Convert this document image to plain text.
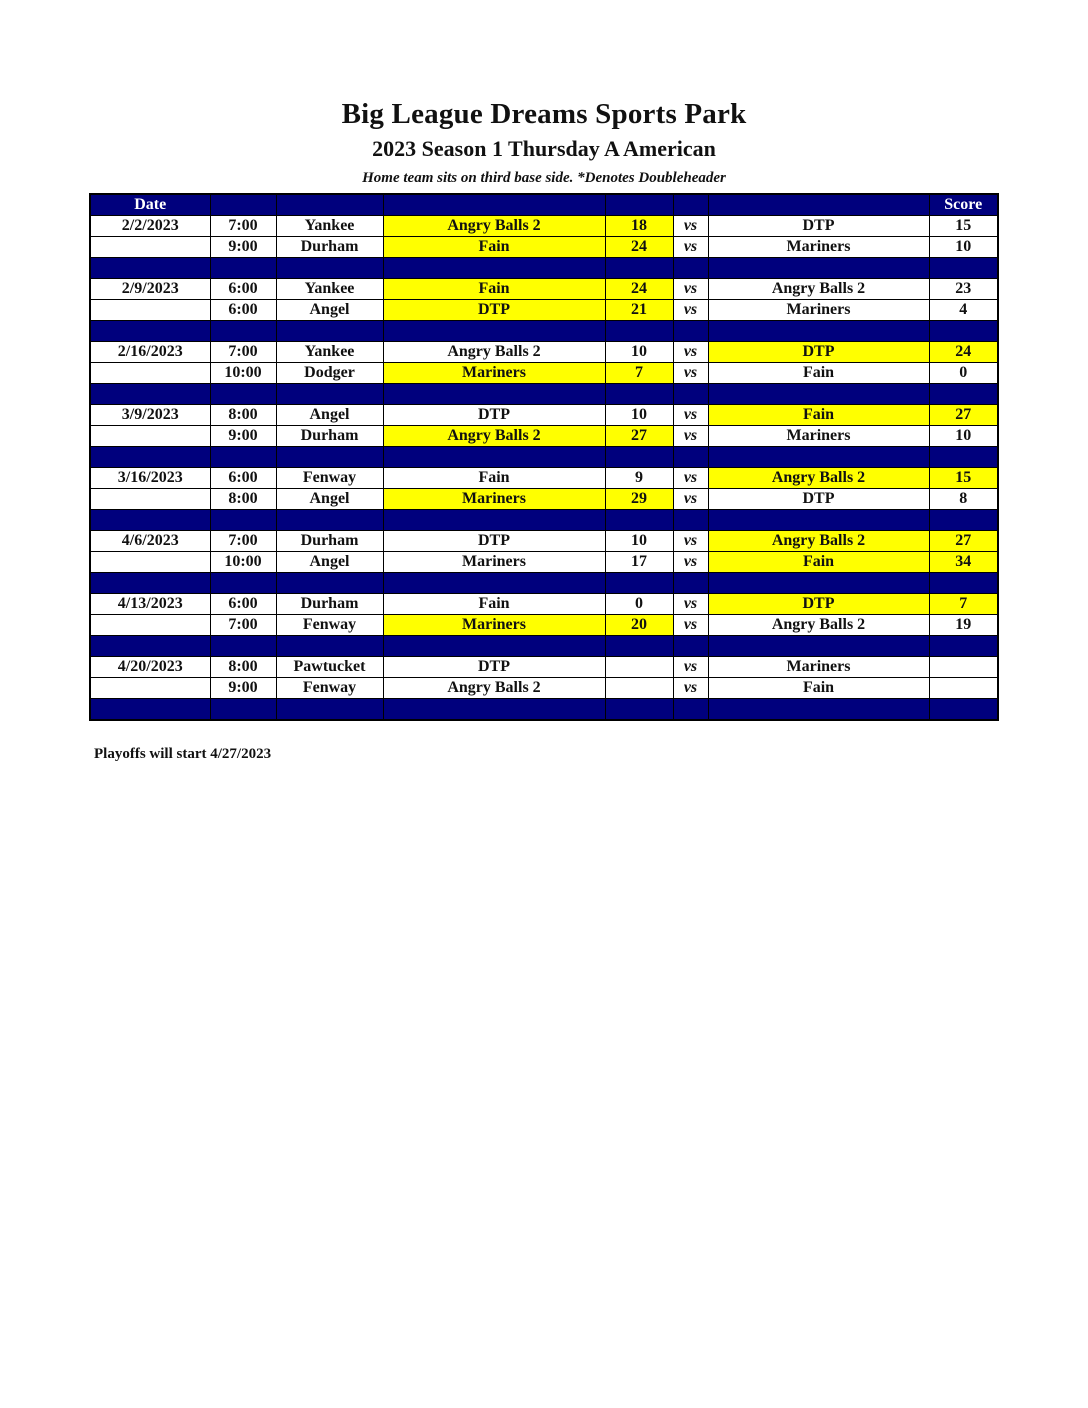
Big League Dreams Sports Park
2023 Season 1 Thursday A American
Home team sits on third base side. *Denotes Doubleheader
Date							Score
2/2/2023	7:00	Yankee	Angry Balls 2	18	vs	DTP	15
	9:00	Durham	Fain	24	vs	Mariners	10

2/9/2023	6:00	Yankee	Fain	24	vs	Angry Balls 2	23
	6:00	Angel	DTP	21	vs	Mariners	4

2/16/2023	7:00	Yankee	Angry Balls 2	10	vs	DTP	24
	10:00	Dodger	Mariners	7	vs	Fain	0

3/9/2023	8:00	Angel	DTP	10	vs	Fain	27
	9:00	Durham	Angry Balls 2	27	vs	Mariners	10

3/16/2023	6:00	Fenway	Fain	9	vs	Angry Balls 2	15
	8:00	Angel	Mariners	29	vs	DTP	8

4/6/2023	7:00	Durham	DTP	10	vs	Angry Balls 2	27
	10:00	Angel	Mariners	17	vs	Fain	34

4/13/2023	6:00	Durham	Fain	0	vs	DTP	7
	7:00	Fenway	Mariners	20	vs	Angry Balls 2	19

4/20/2023	8:00	Pawtucket	DTP		vs	Mariners	
	9:00	Fenway	Angry Balls 2		vs	Fain	

Playoffs will start 4/27/2023
